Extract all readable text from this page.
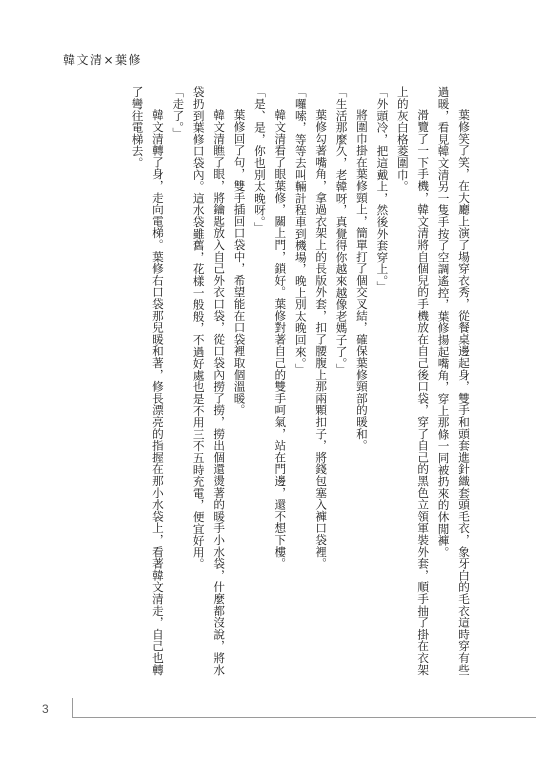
韓文清×葉修

葉修笑了笑，在大廳上演了場穿衣秀，從餐桌邊起身，雙手和頭套進針織套頭毛衣，象牙白的毛衣這時穿有些過暖，看見韓文清另一隻手按了空調遙控，葉修揚起嘴角，穿上那條一同被扔來的休閒褲。

滑覽了一下手機，韓文清將自個兒的手機放在自己後口袋，穿了自己的黑色立領軍裝外套，順手抽了掛在衣架上的灰白格菱圍巾。

「外頭冷，把這戴上，然後外套穿上。」

將圍巾掛在葉修頸上，簡單打了個交叉結，確保葉修頸部的暖和。

「生活那麼久，老韓呀，真覺得你越來越像老媽子了。」

葉修勾著嘴角，拿過衣架上的長版外套，扣了腰腹上那兩顆扣子，將錢包塞入褲口袋裡。

「囉嗦，等等去叫輛計程車到機場，晚上別太晚回來。」

韓文清看了眼葉修，關上門，鎖好。葉修對著自己的雙手呵氣，站在門邊，還不想下樓。

「是、是，你也別太晚呀。」

葉修回了句，雙手插回口袋中，希望能在口袋裡取個溫暖。

韓文清瞧了眼，將鑰匙放入自己外衣口袋，從口袋內撈了撈，撈出個還燙著的暖手小水袋，什麼都沒說，將水袋扔到葉修口袋內。這水袋雖舊，花樣一般般，不過好處也是不用三不五時充電，便宜好用。

「走了。」

韓文清轉了身，走向電梯。葉修右口袋那兒暖和著，修長漂亮的指握在那小水袋上，看著韓文清走，自己也轉了彎往電梯去。

3
